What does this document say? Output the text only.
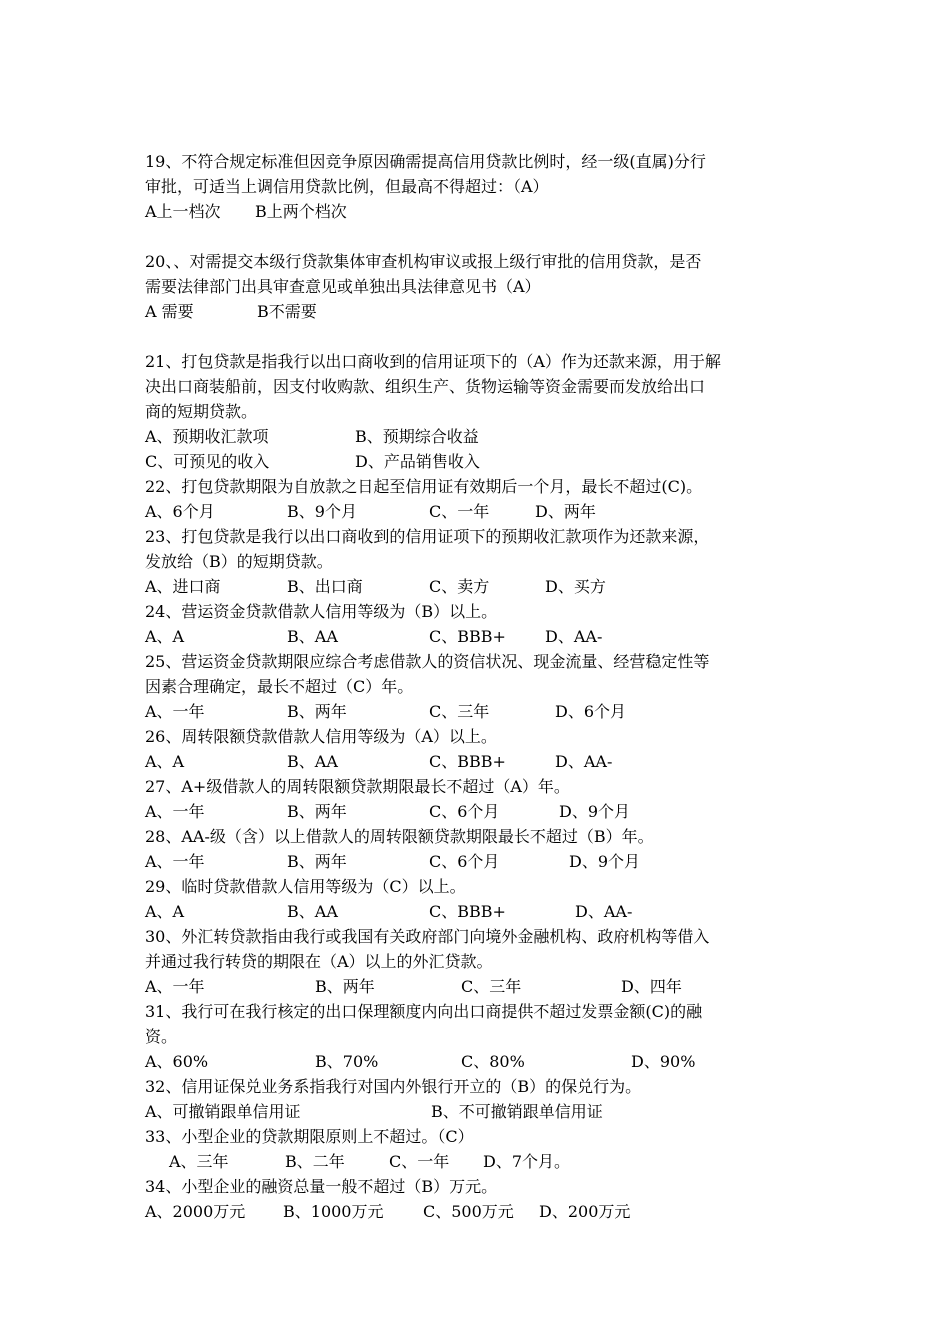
19、不符合规定标准但因竞争原因确需提高信用贷款比例时，经一级(直属)分行
审批，可适当上调信用贷款比例，但最高不得超过：（A）
A上一档次 B上两个档次
20、、对需提交本级行贷款集体审查机构审议或报上级行审批的信用贷款，是否
需要法律部门出具审查意见或单独出具法律意见书（A）
A 需要	B不需要
21、打包贷款是指我行以出口商收到的信用证项下的（A）作为还款来源，用于解
决出口商装船前，因支付收购款、组织生产、货物运输等资金需要而发放给出口
商的短期贷款。
A、预期收汇款项	B、预期综合收益
C、可预见的收入	D、产品销售收入
22、打包贷款期限为自放款之日起至信用证有效期后一个月，最长不超过(C)。
A、6个月	B、9个月	C、一年	D、两年
23、打包贷款是我行以出口商收到的信用证项下的预期收汇款项作为还款来源，
发放给（B）的短期贷款。
A、进口商	B、出口商	C、卖方	D、买方
24、营运资金贷款借款人信用等级为（B）以上。
A、A	B、AA	C、BBB+ D、AA-
25、营运资金贷款期限应综合考虑借款人的资信状况、现金流量、经营稳定性等
因素合理确定，最长不超过（C）年。
A、一年	B、两年	C、三年	D、6个月
26、周转限额贷款借款人信用等级为（A）以上。
A、A	B、AA	C、BBB+	D、AA-
27、A+级借款人的周转限额贷款期限最长不超过（A）年。
A、一年	B、两年	C、6个月	D、9个月
28、AA-级（含）以上借款人的周转限额贷款期限最长不超过（B）年。
A、一年	B、两年	C、6个月	D、9个月
29、临时贷款借款人信用等级为（C）以上。
A、A	B、AA	C、BBB+	D、AA-
30、外汇转贷款指由我行或我国有关政府部门向境外金融机构、政府机构等借入
并通过我行转贷的期限在（A）以上的外汇贷款。
A、一年	B、两年	C、三年	D、四年
31、我行可在我行核定的出口保理额度内向出口商提供不超过发票金额(C)的融
资。
A、60%	B、70%	C、80%	D、90%
32、信用证保兑业务系指我行对国内外银行开立的（B）的保兑行为。
A、可撤销跟单信用证	B、不可撤销跟单信用证
33、小型企业的贷款期限原则上不超过。（C）
A、三年	B、二年	C、一年 D、7个月。
34、小型企业的融资总量一般不超过（B）万元。
A、2000万元 B、1000万元 C、500万元 D、200万元
